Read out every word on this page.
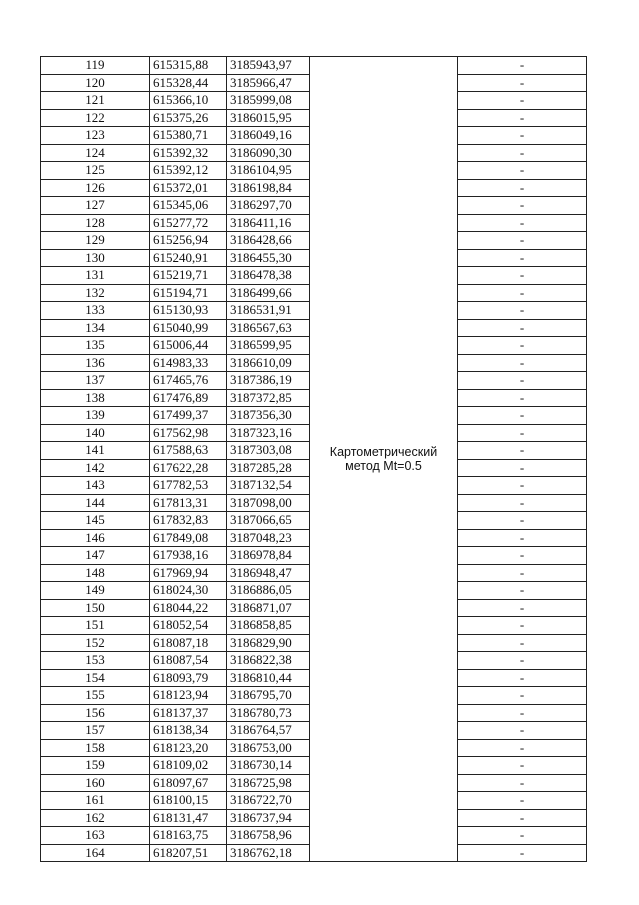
119	615315,88	3185943,97	Картометрический
метод Mt=0.5	-
120	615328,44	3185966,47		-
121	615366,10	3185999,08		-
122	615375,26	3186015,95		-
123	615380,71	3186049,16		-
124	615392,32	3186090,30		-
125	615392,12	3186104,95		-
126	615372,01	3186198,84		-
127	615345,06	3186297,70		-
128	615277,72	3186411,16		-
129	615256,94	3186428,66		-
130	615240,91	3186455,30		-
131	615219,71	3186478,38		-
132	615194,71	3186499,66		-
133	615130,93	3186531,91		-
134	615040,99	3186567,63		-
135	615006,44	3186599,95		-
136	614983,33	3186610,09		-
137	617465,76	3187386,19		-
138	617476,89	3187372,85		-
139	617499,37	3187356,30		-
140	617562,98	3187323,16		-
141	617588,63	3187303,08		-
142	617622,28	3187285,28		-
143	617782,53	3187132,54		-
144	617813,31	3187098,00		-
145	617832,83	3187066,65		-
146	617849,08	3187048,23		-
147	617938,16	3186978,84		-
148	617969,94	3186948,47		-
149	618024,30	3186886,05		-
150	618044,22	3186871,07		-
151	618052,54	3186858,85		-
152	618087,18	3186829,90		-
153	618087,54	3186822,38		-
154	618093,79	3186810,44		-
155	618123,94	3186795,70		-
156	618137,37	3186780,73		-
157	618138,34	3186764,57		-
158	618123,20	3186753,00		-
159	618109,02	3186730,14		-
160	618097,67	3186725,98		-
161	618100,15	3186722,70		-
162	618131,47	3186737,94		-
163	618163,75	3186758,96		-
164	618207,51	3186762,18		-
